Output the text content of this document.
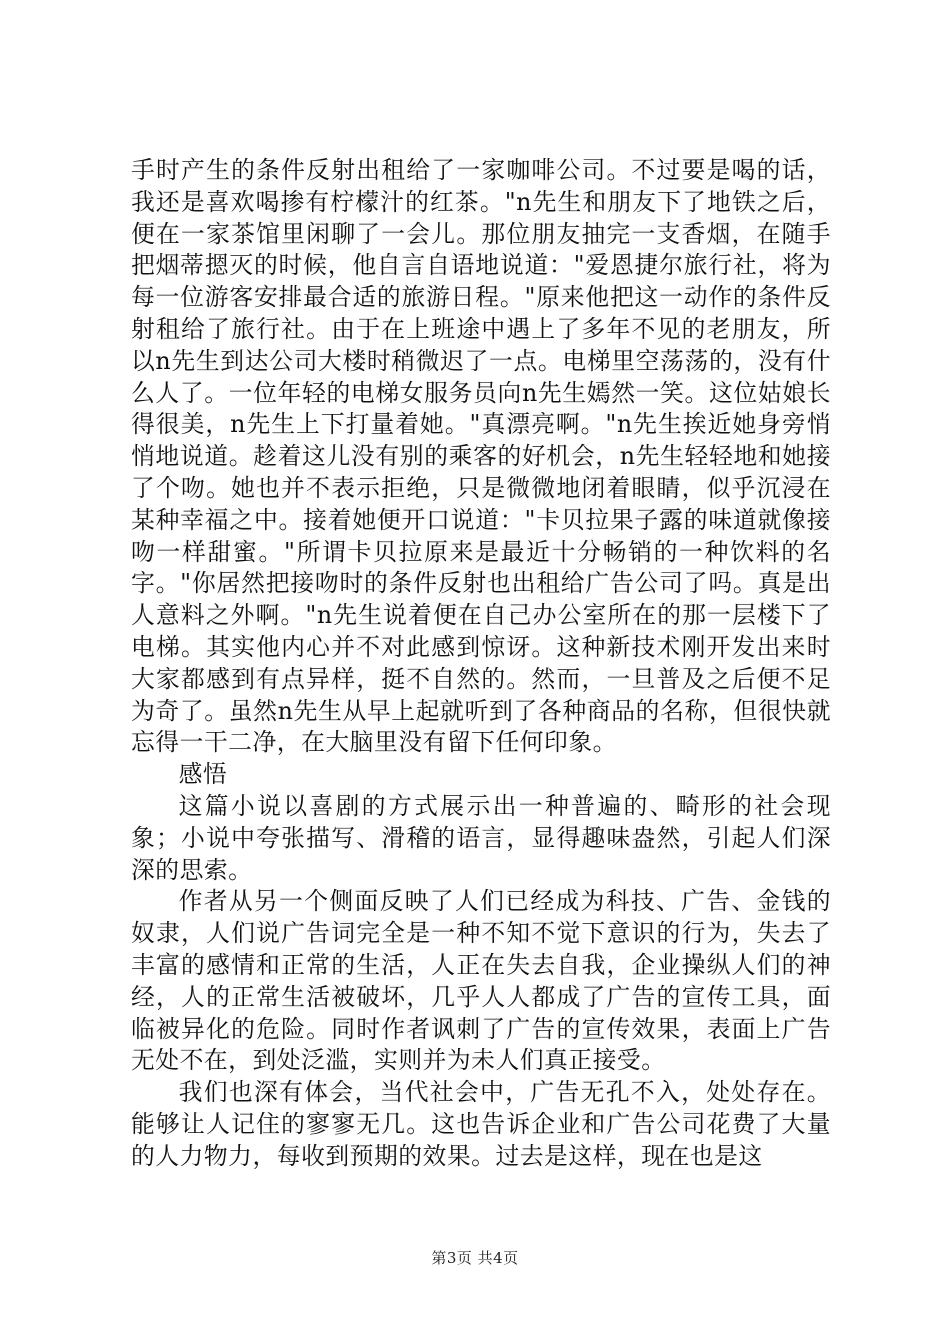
手时产生的条件反射出租给了一家咖啡公司。不过要是喝的话，我还是喜欢喝掺有柠檬汁的红茶。"n先生和朋友下了地铁之后，便在一家茶馆里闲聊了一会儿。那位朋友抽完一支香烟，在随手把烟蒂摁灭的时候，他自言自语地说道："爱恩捷尔旅行社，将为每一位游客安排最合适的旅游日程。"原来他把这一动作的条件反射租给了旅行社。由于在上班途中遇上了多年不见的老朋友，所以n先生到达公司大楼时稍微迟了一点。电梯里空荡荡的，没有什么人了。一位年轻的电梯女服务员向n先生嫣然一笑。这位姑娘长得很美，n先生上下打量着她。"真漂亮啊。"n先生挨近她身旁悄悄地说道。趁着这儿没有别的乘客的好机会，n先生轻轻地和她接了个吻。她也并不表示拒绝，只是微微地闭着眼睛，似乎沉浸在某种幸福之中。接着她便开口说道："卡贝拉果子露的味道就像接吻一样甜蜜。"所谓卡贝拉原来是最近十分畅销的一种饮料的名字。"你居然把接吻时的条件反射也出租给广告公司了吗。真是出人意料之外啊。"n先生说着便在自己办公室所在的那一层楼下了电梯。其实他内心并不对此感到惊讶。这种新技术刚开发出来时大家都感到有点异样，挺不自然的。然而，一旦普及之后便不足为奇了。虽然n先生从早上起就听到了各种商品的名称，但很快就忘得一干二净，在大脑里没有留下任何印象。

感悟

这篇小说以喜剧的方式展示出一种普遍的、畸形的社会现象；小说中夸张描写、滑稽的语言，显得趣味盎然，引起人们深深的思索。

作者从另一个侧面反映了人们已经成为科技、广告、金钱的奴隶，人们说广告词完全是一种不知不觉下意识的行为，失去了丰富的感情和正常的生活，人正在失去自我，企业操纵人们的神经，人的正常生活被破坏，几乎人人都成了广告的宣传工具，面临被异化的危险。同时作者讽刺了广告的宣传效果，表面上广告无处不在，到处泛滥，实则并为未人们真正接受。

我们也深有体会，当代社会中，广告无孔不入，处处存在。能够让人记住的寥寥无几。这也告诉企业和广告公司花费了大量的人力物力，每收到预期的效果。过去是这样，现在也是这

第3页 共4页
